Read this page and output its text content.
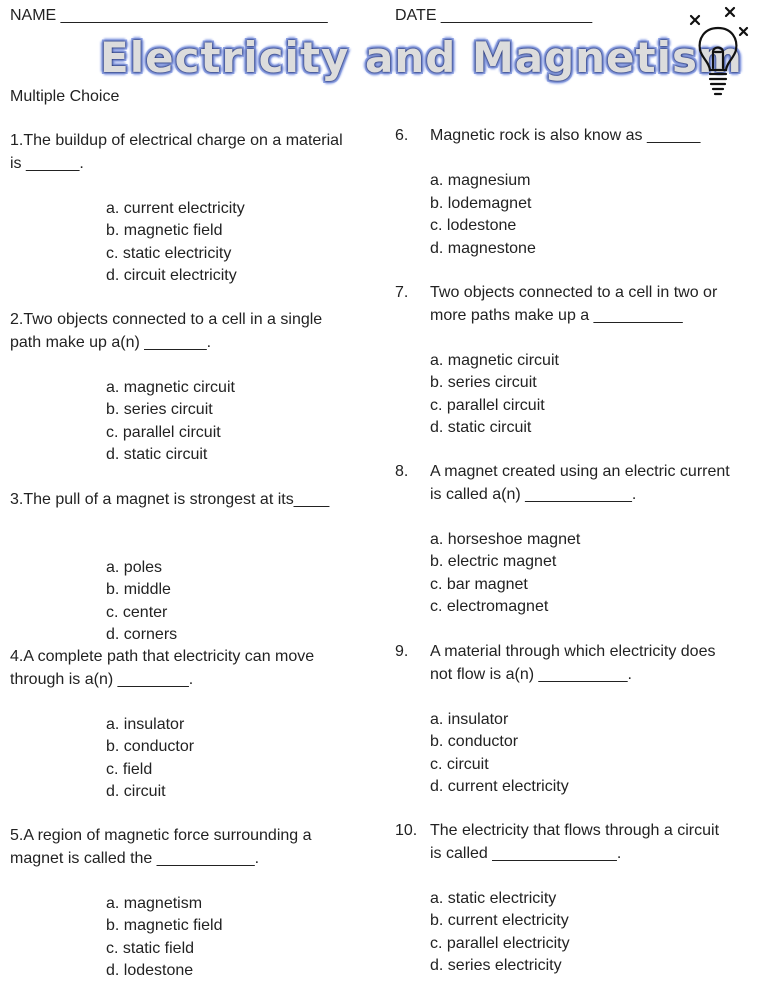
NAME ______________________________	DATE _________________
Electricity and Magnetism
Multiple Choice
1.The buildup of electrical charge on a material
is ______.
a. current electricity
b. magnetic field
c. static electricity
d. circuit electricity
2.Two objects connected to a cell in a single
path make up a(n) _______.
a. magnetic circuit
b. series circuit
c. parallel circuit
d. static circuit
3.The pull of a magnet is strongest at its____
a. poles
b. middle
c. center
d. corners
4.A complete path that electricity can move
through is a(n) ________.
a. insulator
b. conductor
c. field
d. circuit
5.A region of magnetic force surrounding a
magnet is called the ___________.
a. magnetism
b. magnetic field
c. static field
d. lodestone
6. Magnetic rock is also know as ______
a. magnesium
b. lodemagnet
c. lodestone
d. magnestone
7. Two objects connected to a cell in two or
more paths make up a __________
a. magnetic circuit
b. series circuit
c. parallel circuit
d. static circuit
8. A magnet created using an electric current
is called a(n) ____________.
a. horseshoe magnet
b. electric magnet
c. bar magnet
c. electromagnet
9. A material through which electricity does
not flow is a(n) __________.
a. insulator
b. conductor
c. circuit
d. current electricity
10. The electricity that flows through a circuit
is called ______________.
a. static electricity
b. current electricity
c. parallel electricity
d. series electricity
